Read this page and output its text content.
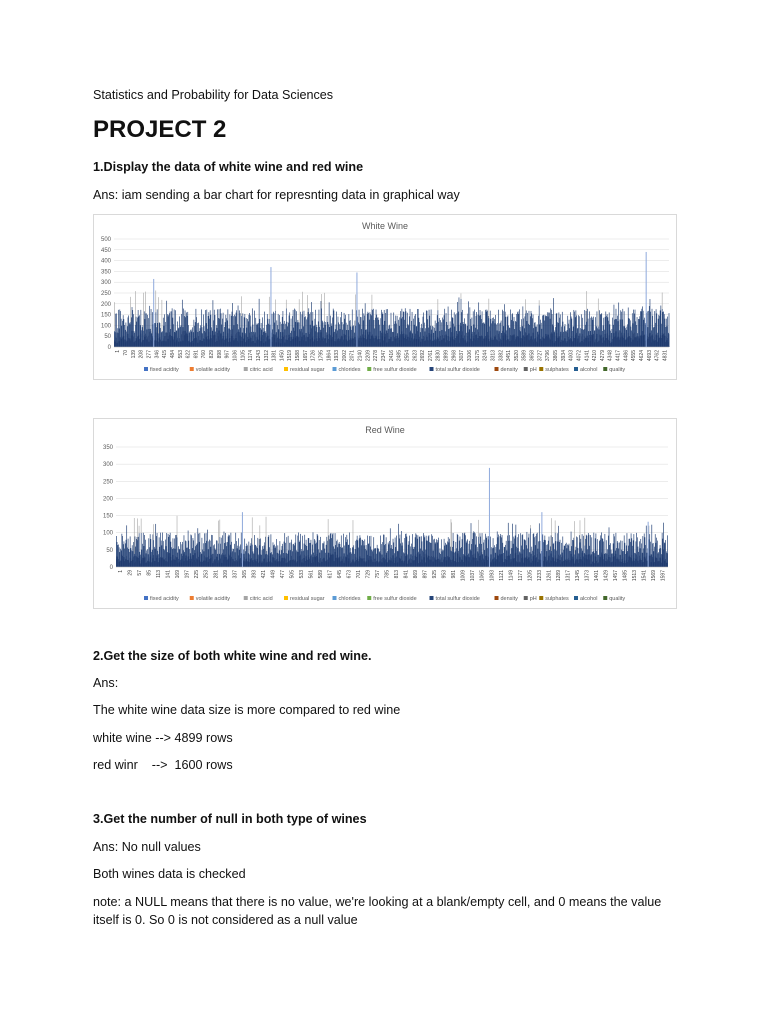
Statistics and Probability for Data Sciences
PROJECT 2
1.Display the data of white wine and red wine
Ans: iam sending a bar chart for represnting data in graphical way
White Wine
0
50
100
150
200
250
300
350
400
450
500
1 70 139 208 277 346 415 484 553 622 691 760 829 898 967 1036 1105 1174 1243 1312 1381 1450 1519 1588 1657 1726 1795 1864 1933 2002 2071 2140 2209 2278 2347 2416 2485 2554 2623 2692 2761 2830 2899 2968 3037 3106 3175 3244 3313 3382 3451 3520 3589 3658 3727 3796 3865 3934 4003 4072 4141 4210 4279 4348 4417 4486 4555 4624 4693 4762 4831
fixed acidity	volatile acidity	citric acid	residual sugar	chlorides free sulfur dioxide	total sulfur dioxide	density pH sulphates alcohol quality
Red Wine
0
50
100
150
200
250
300
350
1 29 57 85 113 141 169 197 225 253 281 309 337 365 393 421 449 477 505 533 561 589 617 645 673 701 729 757 785 813 841 869 897 925 953 981 1009 1037 1065 1093 1121 1149 1177 1205 1233 1261 1289 1317 1345 1373 1401 1429 1457 1485 1513 1541 1569 1597
fixed acidity	volatile acidity	citric acid	residual sugar	chlorides free sulfur dioxide	total sulfur dioxide	density pH sulphates alcohol quality
2.Get the size of both white wine and red wine.
Ans:
The white wine data size is more compared to red wine
white wine --> 4899 rows
red winr    -->  1600 rows
3.Get the number of null in both type of wines
Ans: No null values
Both wines data is checked
note: a NULL means that there is no value, we're looking at a blank/empty cell, and 0 means the value itself is 0. So 0 is not considered as a null value
